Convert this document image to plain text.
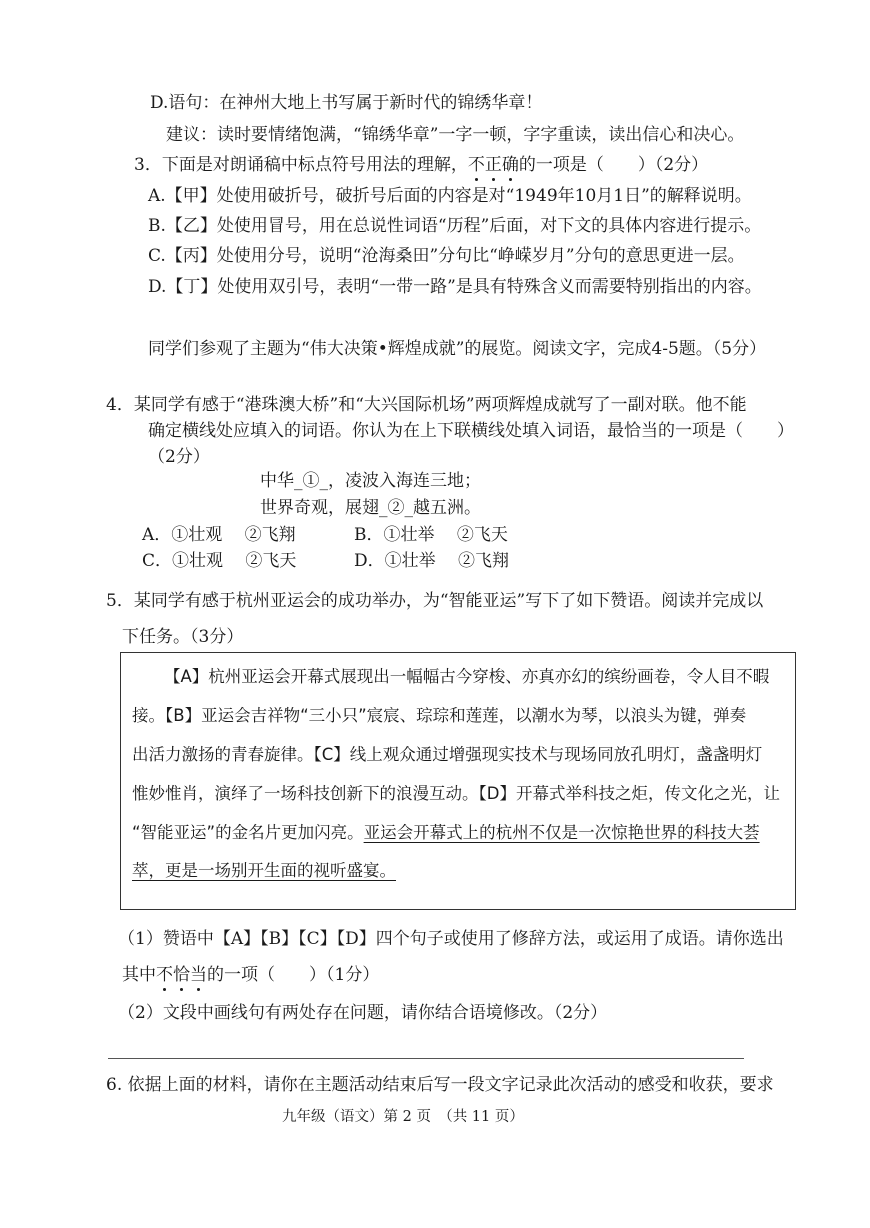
D.语句：在神州大地上书写属于新时代的锦绣华章！
建议：读时要情绪饱满，“锦绣华章”一字一顿，字字重读，读出信心和决心。
3．下面是对朗诵稿中标点符号用法的理解，不正确的一项是（　　）（2分）
A.【甲】处使用破折号，破折号后面的内容是对“1949年10月1日”的解释说明。
B.【乙】处使用冒号，用在总说性词语“历程”后面，对下文的具体内容进行提示。
C.【丙】处使用分号，说明“沧海桑田”分句比“峥嵘岁月”分句的意思更进一层。
D.【丁】处使用双引号，表明“一带一路”是具有特殊含义而需要特别指出的内容。
同学们参观了主题为“伟大决策•辉煌成就”的展览。阅读文字，完成4-5题。（5分）
4．某同学有感于“港珠澳大桥”和“大兴国际机场”两项辉煌成就写了一副对联。他不能
确定横线处应填入的词语。你认为在上下联横线处填入词语，最恰当的一项是（　　）
（2分）
中华_①_，凌波入海连三地；
世界奇观，展翅_②_越五洲。
A．①壮观　 ②飞翔	B．①壮举　 ②飞天
C．①壮观　 ②飞天	D．①壮举　 ②飞翔
5．某同学有感于杭州亚运会的成功举办，为“智能亚运”写下了如下赞语。阅读并完成以
下任务。（3分）
【A】杭州亚运会开幕式展现出一幅幅古今穿梭、亦真亦幻的缤纷画卷，令人目不暇
接。【B】亚运会吉祥物“三小只”宸宸、琮琮和莲莲，以潮水为琴，以浪头为键，弹奏
出活力激扬的青春旋律。【C】线上观众通过增强现实技术与现场同放孔明灯，盏盏明灯
惟妙惟肖，演绎了一场科技创新下的浪漫互动。【D】开幕式举科技之炬，传文化之光，让
“智能亚运”的金名片更加闪亮。亚运会开幕式上的杭州不仅是一次惊艳世界的科技大荟
萃，更是一场别开生面的视听盛宴。
（1）赞语中【A】【B】【C】【D】四个句子或使用了修辞方法，或运用了成语。请你选出
其中不恰当的一项（　　）（1分）
（2）文段中画线句有两处存在问题，请你结合语境修改。（2分）
6. 依据上面的材料，请你在主题活动结束后写一段文字记录此次活动的感受和收获，要求
九年级（语文）第 2 页　（共 11 页）
